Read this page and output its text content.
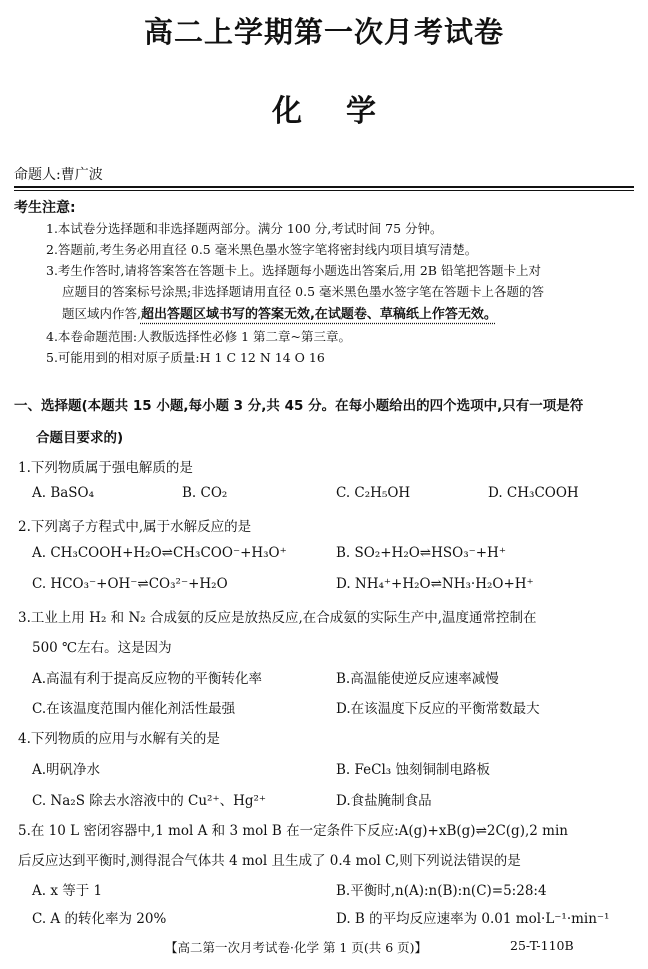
高二上学期第一次月考试卷
化学
命题人:曹广波
考生注意:
1.本试卷分选择题和非选择题两部分。满分 100 分,考试时间 75 分钟。
2.答题前,考生务必用直径 0.5 毫米黑色墨水签字笔将密封线内项目填写清楚。
3.考生作答时,请将答案答在答题卡上。选择题每小题选出答案后,用 2B 铅笔把答题卡上对
应题目的答案标号涂黑;非选择题请用直径 0.5 毫米黑色墨水签字笔在答题卡上各题的答
题区域内作答,超出答题区域书写的答案无效,在试题卷、草稿纸上作答无效。
4.本卷命题范围:人教版选择性必修 1 第二章~第三章。
5.可能用到的相对原子质量:H 1 C 12 N 14 O 16
一、选择题(本题共 15 小题,每小题 3 分,共 45 分。在每小题给出的四个选项中,只有一项是符
合题目要求的)
1.下列物质属于强电解质的是
A. BaSO₄	B. CO₂	C. C₂H₅OH	D. CH₃COOH
2.下列离子方程式中,属于水解反应的是
A. CH₃COOH+H₂O⇌CH₃COO⁻+H₃O⁺	B. SO₂+H₂O⇌HSO₃⁻+H⁺
C. HCO₃⁻+OH⁻⇌CO₃²⁻+H₂O	D. NH₄⁺+H₂O⇌NH₃·H₂O+H⁺
3.工业上用 H₂ 和 N₂ 合成氨的反应是放热反应,在合成氨的实际生产中,温度通常控制在
500 ℃左右。这是因为
A.高温有利于提高反应物的平衡转化率	B.高温能使逆反应速率减慢
C.在该温度范围内催化剂活性最强	D.在该温度下反应的平衡常数最大
4.下列物质的应用与水解有关的是
A.明矾净水	B. FeCl₃ 蚀刻铜制电路板
C. Na₂S 除去水溶液中的 Cu²⁺、Hg²⁺	D.食盐腌制食品
5.在 10 L 密闭容器中,1 mol A 和 3 mol B 在一定条件下反应:A(g)+xB(g)⇌2C(g),2 min
后反应达到平衡时,测得混合气体共 4 mol 且生成了 0.4 mol C,则下列说法错误的是
A. x 等于 1	B.平衡时,n(A):n(B):n(C)=5:28:4
C. A 的转化率为 20%	D. B 的平均反应速率为 0.01 mol·L⁻¹·min⁻¹
【高二第一次月考试卷·化学 第 1 页(共 6 页)】	25-T-110B
